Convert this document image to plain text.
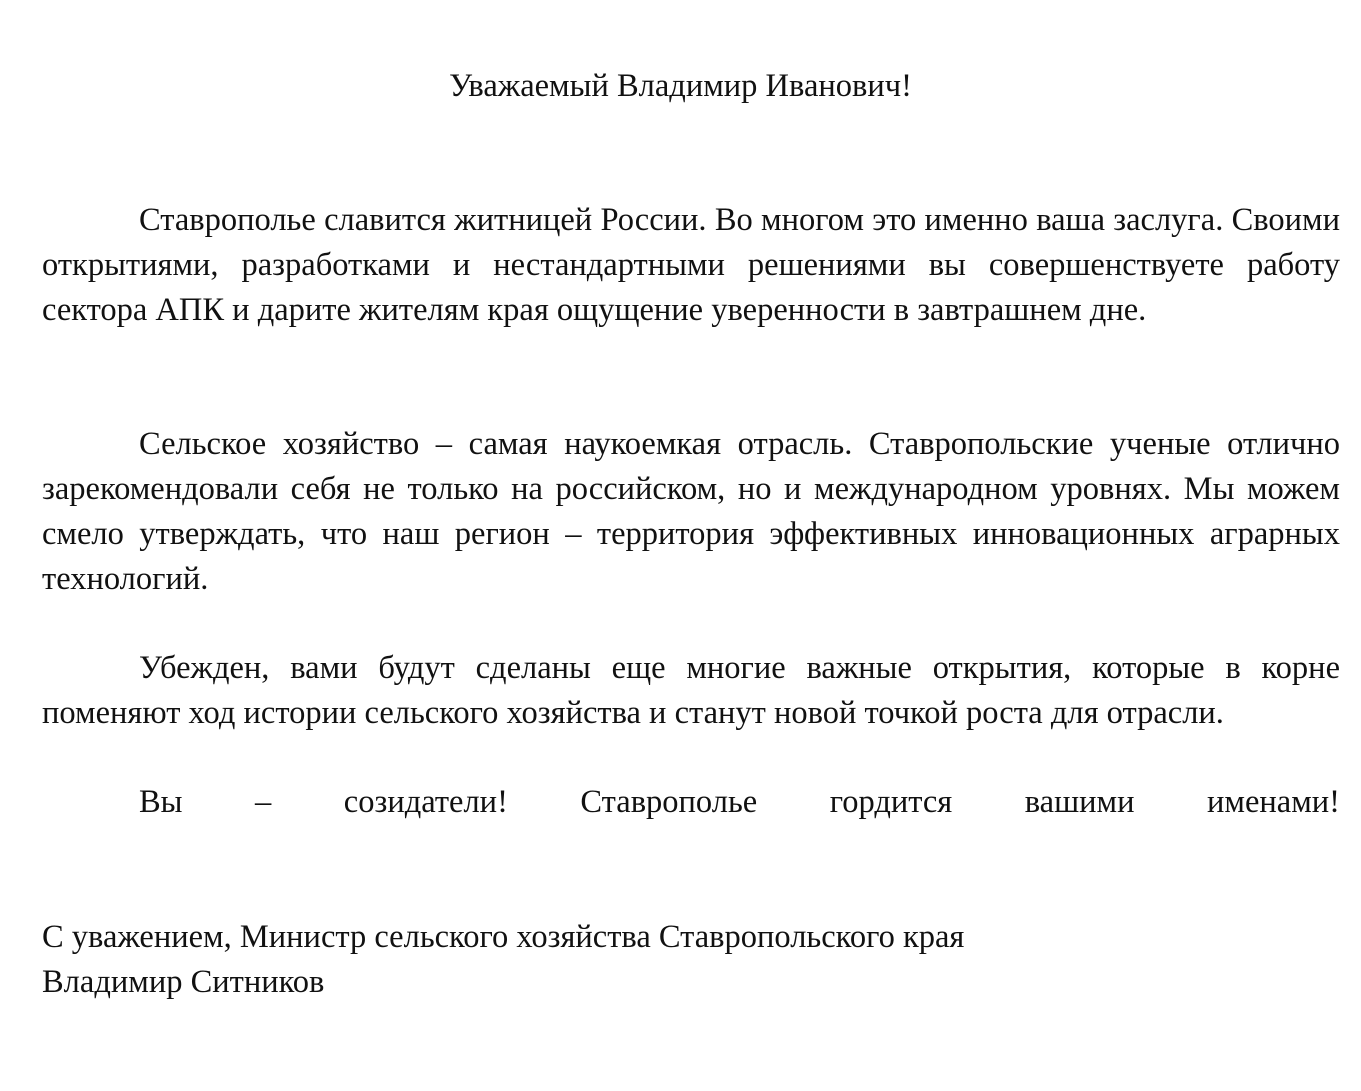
Уважаемый Владимир Иванович!

Ставрополье славится житницей России. Во многом это именно ваша заслуга. Своими открытиями, разработками и нестандартными решениями вы совершенствуете работу сектора АПК и дарите жителям края ощущение уверенности в завтрашнем дне.

Сельское хозяйство – самая наукоемкая отрасль. Ставропольские ученые отлично зарекомендовали себя не только на российском, но и международном уровнях. Мы можем смело утверждать, что наш регион – территория эффективных инновационных аграрных технологий.

Убежден, вами будут сделаны еще многие важные открытия, которые в корне поменяют ход истории сельского хозяйства и станут новой точкой роста для отрасли.

Вы – созидатели! Ставрополье гордится вашими именами!

С уважением, Министр сельского хозяйства Ставропольского края
Владимир Ситников
